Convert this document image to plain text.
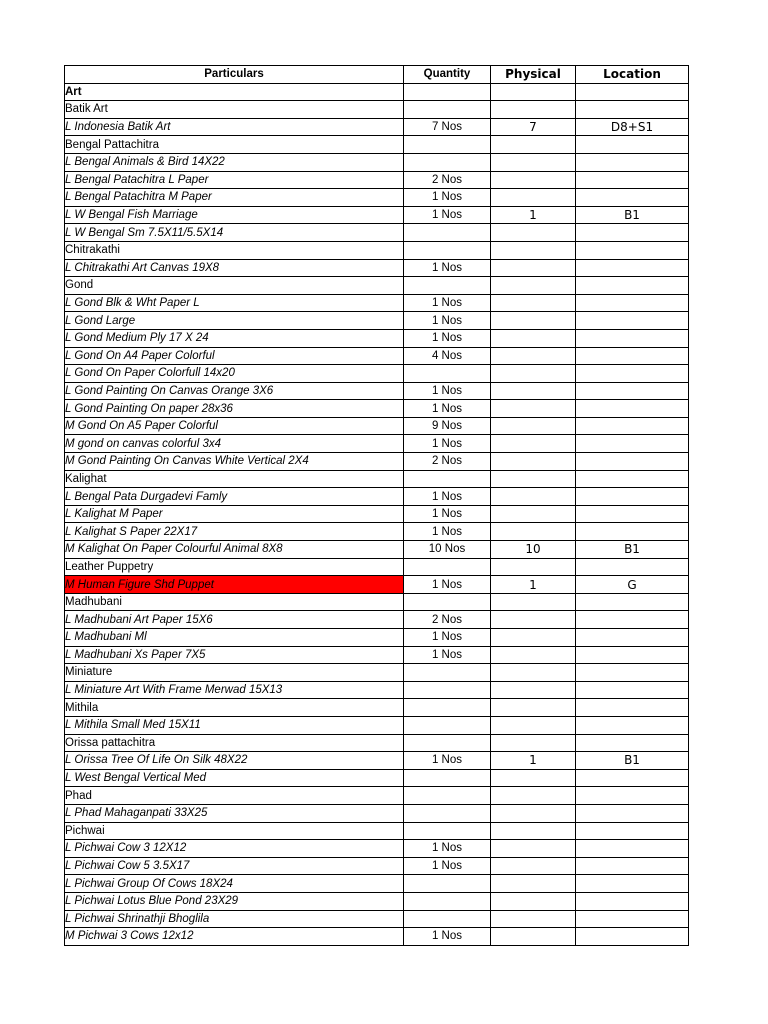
Particulars	Quantity	Physical	Location
Art			
Batik Art			
L Indonesia Batik Art	7 Nos	7	D8+S1
Bengal Pattachitra			
L Bengal Animals & Bird 14X22			
L Bengal Patachitra L Paper	2 Nos		
L Bengal Patachitra M Paper	1 Nos		
L W Bengal Fish Marriage	1 Nos	1	B1
L W Bengal Sm 7.5X11/5.5X14			
Chitrakathi			
L Chitrakathi Art Canvas 19X8	1 Nos		
Gond			
L Gond Blk & Wht Paper L	1 Nos		
L Gond Large	1 Nos		
L Gond Medium Ply 17 X 24	1 Nos		
L Gond On A4 Paper Colorful	4 Nos		
L Gond On Paper Colorfull 14x20			
L Gond Painting On Canvas Orange 3X6	1 Nos		
L Gond Painting On paper 28x36	1 Nos		
M Gond On A5 Paper Colorful	9 Nos		
M gond on canvas colorful 3x4	1 Nos		
M Gond Painting On Canvas White Vertical 2X4	2 Nos		
Kalighat			
L Bengal Pata Durgadevi Famly	1 Nos		
L Kalighat M Paper	1 Nos		
L Kalighat S Paper 22X17	1 Nos		
M Kalighat On Paper Colourful Animal 8X8	10 Nos	10	B1
Leather Puppetry			
M Human Figure Shd Puppet	1 Nos	1	G
Madhubani			
L Madhubani Art Paper 15X6	2 Nos		
L Madhubani Ml	1 Nos		
L Madhubani Xs Paper 7X5	1 Nos		
Miniature			
L Miniature Art With Frame Merwad 15X13			
Mithila			
L Mithila Small Med 15X11			
Orissa pattachitra			
L Orissa Tree Of Life On Silk 48X22	1 Nos	1	B1
L West Bengal Vertical Med			
Phad			
L Phad Mahaganpati 33X25			
Pichwai			
L Pichwai Cow 3 12X12	1 Nos		
L Pichwai Cow 5 3.5X17	1 Nos		
L Pichwai Group Of Cows 18X24			
L Pichwai Lotus Blue Pond 23X29			
L Pichwai Shrinathji Bhoglila			
M Pichwai 3 Cows 12x12	1 Nos		
